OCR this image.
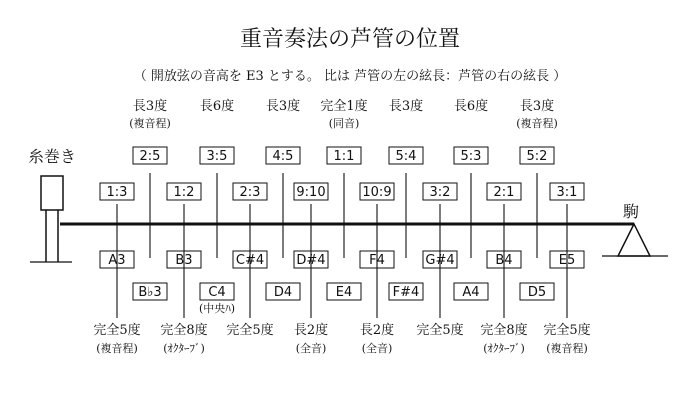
重音奏法の芦管の位置
（ 開放弦の音高を E3 とする。 比は 芦管の左の絃長：芦管の右の絃長 ）
糸巻き
駒
1:3
A3
完全5度
(複音程)
2:5
B♭3
長3度
(複音程)
1:2
B3
完全8度
(ｵｸﾀｰﾌﾞ)
3:5
C4
(中央ﾊ)
長6度
2:3
C#4
完全5度
4:5
D4
長3度
9:10
D#4
長2度
(全音)
1:1
E4
完全1度
(同音)
10:9
F4
長2度
(全音)
5:4
F#4
長3度
3:2
G#4
完全5度
5:3
A4
長6度
2:1
B4
完全8度
(ｵｸﾀｰﾌﾞ)
5:2
D5
長3度
(複音程)
3:1
E5
完全5度
(複音程)
